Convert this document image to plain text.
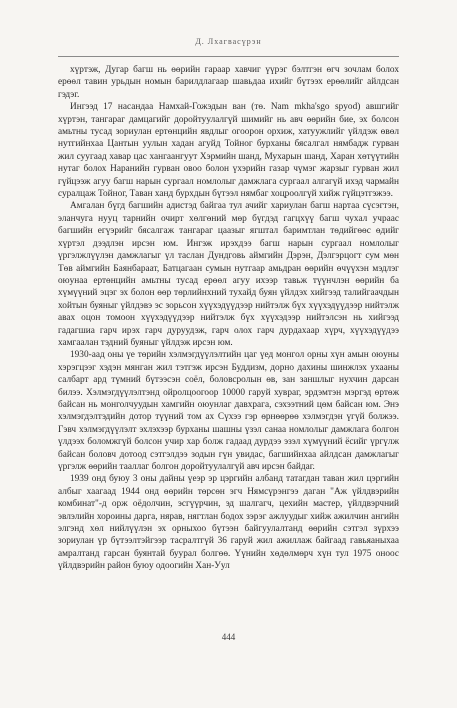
Д. Лхагвасүрэн

хүртэж, Дугар багш нь өөрийн гараар хавчиг үүрэг бэлтгэн өгч зочлам болох ерөөл тавин урьдын номын барилдлагаар шавьдаа ихийг бүтээх ерөөлийг айлдсан гэдэг.

Ингээд 17 насандаа Намхай-Гожэдын ван (тө. Nam mkha'sgo spyod) авшгийг хүртэн, тангараг дамцагийг доройтуулалгүй шимийг нь авч өөрийн бие, эх болсон амьтны тусад зориулан ертөнцийн явдлыг огоорон орхиж, хатуужлийг үйлдэж өвөл нутгийнхаа Цантын уулын хадан агуйд Тойног бурханы бясалгал нямбадж гурван жил суугаад хавар цас хангаангуут Хэрмийн шанд, Мухарын шанд, Харан хөтүүтийн нутаг болох Наранийн гурван овоо болон үхэрийн газар чүмэг жарзыг гурван жил гүйцээж агуу багш нарын сургаал номлолыг дамжлага сургаал алгагүй ихэд чармайн суралцаж Тойног, Таван ханд бурхдын бүтээл нямбаг хоцроолгүй хийж гүйцэтгэжээ.

Амгалан бүгд багшийн адистэд байгаа тул ачийг хариулан багш нартаа сүсэгтэн, эланчуга нууц тарнийн очирт хөлгөний мөр бүгдэд гагцхүү багш чухал учраас багшийн егүэрийг бясалгаж тангараг цаазыг ягштал баримтлан төдийгөөс өдийг хүртэл дээдлэн ирсэн юм. Ингэж ирэхдээ багш нарын сургаал номлолыг үргэлжлүүлэн дамжлагыг үл таслан Дундговь аймгийн Дэрэн, Дэлгэрцогт сум мөн Төв аймгийн Баянбараат, Батцагаан сумын нутгаар амьдран өөрийн өчүүхэн мэдлэг оюунаа ертөнцийн амьтны тусад ерөөл агуу ихээр тавьж түүнчлэн өөрийн ба хүмүүний эцэг эх болон өөр төрлийнхний тухайд буян үйлдэх хийгээд талийгаачдын хойтын буяныг үйлдэвэ эс зорьсон хүүхэдүүдээр нийтэлж бүх хүүхэдүүдээр нийтэлж авах оцон томоон хүүхэдүүдээр нийтэлж бүх хүүхэдээр нийтэлсэн нь хийгээд гадагшиа гарч ирэх гарч дуруудэж, гарч олох гарч дурдахаар хүрч, хүүхэдүүдээ хамгаалан тэдний буяныг үйлдэж ирсэн юм.

1930-аад оны үе төрийн хэлмэгдүүлэлтийн цаг үед монгол орны хүн амын оюуны хэрэгцээг хэдэн мянган жил тэтгэж ирсэн Буддизм, дорно дахины шинжлэх ухааны салбарт ард түмний бүтээсэн соёл, боловсролын өв, зан заншлыг нухчин дарсан билээ. Хэлмэгдүүлэлтэнд ойролцоогоор 10000 гаруй хувраг, эрдэмтэн мэргэд өртөж байсан нь монголчуудын хамгийн оюунлаг давхрага, сэхээтний цөм байсан юм. Энэ хэлмэгдэлтэдийн дотор түүний том ах Сүхээ гэр өрнөөрөө хэлмэгдэн үгүй болжээ. Гэвч хэлмэгдүүлэлт эхлэхээр бурханы шашны үзэл санаа номлолыг дамжлага болгон үлдээх боломжгүй болсон учир хар болж гадаад дурдээ эзэл хүмүүний ёсийг үргүлж байсан боловч дотоод сэтгэлдээ зодын гүн увидас, багшийнхаа айлдсан дамжлагыг үргэлж өөрийн тааллаг болгон доройтуулалгүй авч ирсэн байдаг.

1939 онд буюу 3 оны дайны үеэр эр цэргийн албанд татагдан таван жил цэргийн албыг хаагаад 1944 онд өөрийн төрсөн эгч Нямсүрэнгээ даган "Аж үйлдвэрийн комбинат"-д орж оёдолчин, эсгүүрчин, эд шалгагч, цехийн мастер, үйлдвэрчний эвлэлийн хороины дарга, нярав, нягтлан бодох зэрэг ажлуудыг хийж ажилчин ангийн элгэнд хөл нийлүүлэн эх орныхоо бүтээн байгуулалтанд өөрийн сэтгэл зүрхээ зориулан үр бүтээлтэйгээр тасралтгүй 36 гаруй жил ажиллаж байгаад гавьяаныхаа амралтанд гарсан буянтай буурал болгөө. Үүнийн хөдөлмөрч хүн тул 1975 оноос үйлдвэрийн район буюу одоогийн Хан-Уул

444
